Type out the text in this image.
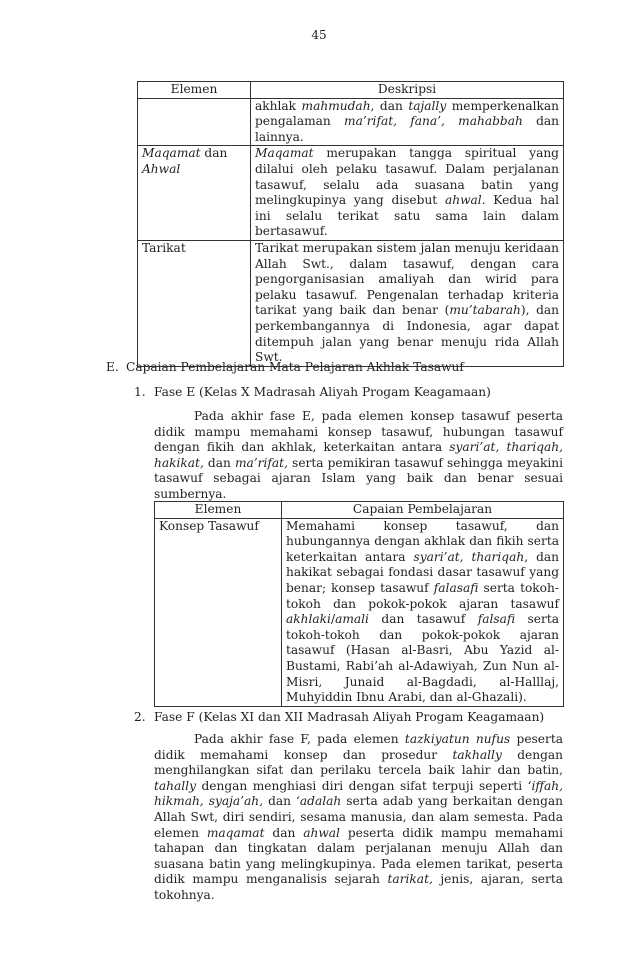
45
Elemen	Deskripsi
	akhlak mahmudah, dan tajally memperkenalkan pengalaman ma’rifat, fana’, mahabbah dan lainnya.
Maqamat dan Ahwal	Maqamat merupakan tangga spiritual yang dilalui oleh pelaku tasawuf. Dalam perjalanan tasawuf, selalu ada suasana batin yang melingkupinya yang disebut ahwal. Kedua hal ini selalu terikat satu sama lain dalam bertasawuf.
Tarikat	Tarikat merupakan sistem jalan menuju keridaan Allah Swt., dalam tasawuf, dengan cara pengorganisasian amaliyah dan wirid para pelaku tasawuf. Pengenalan terhadap kriteria tarikat yang baik dan benar (mu’tabarah), dan perkembangannya di Indonesia, agar dapat ditempuh jalan yang benar menuju rida Allah Swt.
E. Capaian Pembelajaran Mata Pelajaran Akhlak Tasawuf
1. Fase E (Kelas X Madrasah Aliyah Progam Keagamaan)
Pada akhir fase E, pada elemen konsep tasawuf peserta didik mampu memahami konsep tasawuf, hubungan tasawuf dengan fikih dan akhlak, keterkaitan antara syari’at, thariqah, hakikat, dan ma’rifat, serta pemikiran tasawuf sehingga meyakini tasawuf sebagai ajaran Islam yang baik dan benar sesuai sumbernya.
Elemen	Capaian Pembelajaran
Konsep Tasawuf	Memahami konsep tasawuf, dan hubungannya dengan akhlak dan fikih serta keterkaitan antara syari’at, thariqah, dan hakikat sebagai fondasi dasar tasawuf yang benar; konsep tasawuf falasafi serta tokoh-tokoh dan pokok-pokok ajaran tasawuf akhlaki/amali dan tasawuf falsafi serta tokoh-tokoh dan pokok-pokok ajaran tasawuf (Hasan al-Basri, Abu Yazid al-Bustami, Rabi’ah al-Adawiyah, Zun Nun al-Misri, Junaid al-Bagdadi, al-Halllaj, Muhyiddin Ibnu Arabi, dan al-Ghazali).
2. Fase F (Kelas XI dan XII Madrasah Aliyah Progam Keagamaan)
Pada akhir fase F, pada elemen tazkiyatun nufus peserta didik memahami konsep dan prosedur takhally dengan menghilangkan sifat dan perilaku tercela baik lahir dan batin, tahally dengan menghiasi diri dengan sifat terpuji seperti ‘iffah, hikmah, syaja’ah, dan ‘adalah serta adab yang berkaitan dengan Allah Swt, diri sendiri, sesama manusia, dan alam semesta. Pada elemen maqamat dan ahwal peserta didik mampu memahami tahapan dan tingkatan dalam perjalanan menuju Allah dan suasana batin yang melingkupinya. Pada elemen tarikat, peserta didik mampu menganalisis sejarah tarikat, jenis, ajaran, serta tokohnya.
